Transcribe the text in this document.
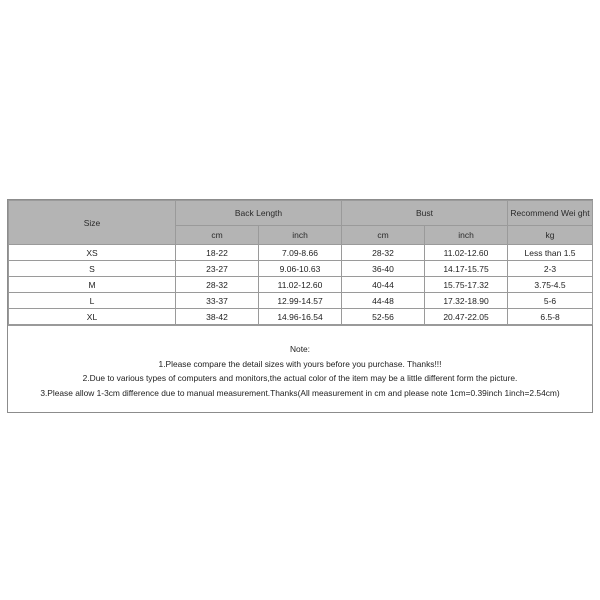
Size	Back Length		Bust		Recommend Wei ght
	cm	inch	cm	inch	kg
XS	18-22	7.09-8.66	28-32	11.02-12.60	Less than 1.5
S	23-27	9.06-10.63	36-40	14.17-15.75	2-3
M	28-32	11.02-12.60	40-44	15.75-17.32	3.75-4.5
L	33-37	12.99-14.57	44-48	17.32-18.90	5-6
XL	38-42	14.96-16.54	52-56	20.47-22.05	6.5-8
Note:
1.Please compare the detail sizes with yours before you purchase. Thanks!!!
2.Due to various types of computers and monitors,the actual color of the item may be a little different form the picture.
3.Please allow 1-3cm difference due to manual measurement.Thanks(All measurement in cm and please note 1cm=0.39inch 1inch=2.54cm)
